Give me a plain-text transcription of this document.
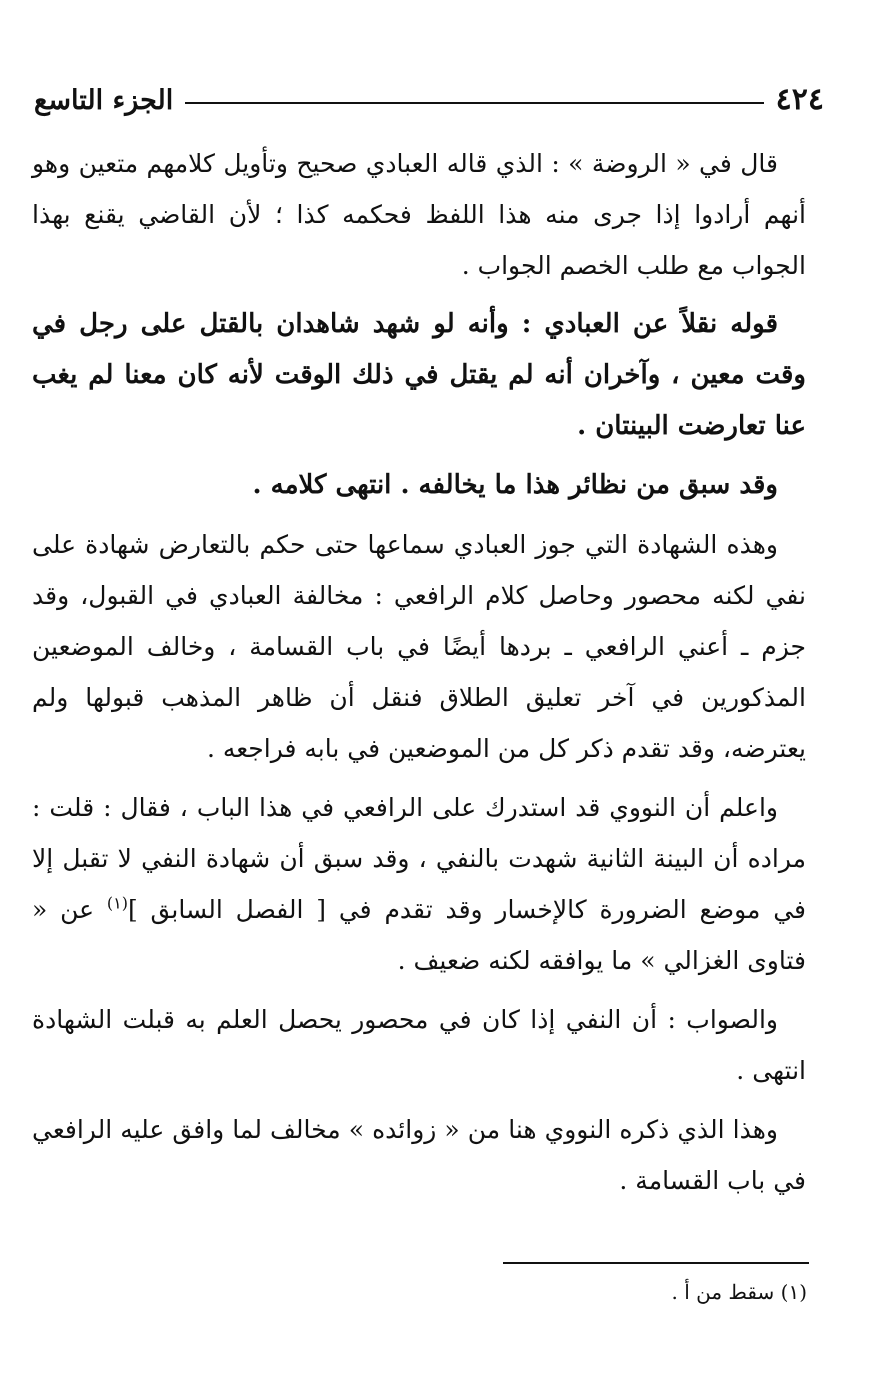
٤٢٤
الجزء التاسع

قال في « الروضة » : الذي قاله العبادي صحيح وتأويل كلامهم متعين وهو أنهم أرادوا إذا جرى منه هذا اللفظ فحكمه كذا ؛ لأن القاضي يقنع بهذا الجواب مع طلب الخصم الجواب .

قوله نقلاً عن العبادي : وأنه لو شهد شاهدان بالقتل على رجل في وقت معين ، وآخران أنه لم يقتل في ذلك الوقت لأنه كان معنا لم يغب عنا تعارضت البينتان .

وقد سبق من نظائر هذا ما يخالفه . انتهى كلامه .

وهذه الشهادة التي جوز العبادي سماعها حتى حكم بالتعارض شهادة على نفي لكنه محصور وحاصل كلام الرافعي : مخالفة العبادي في القبول، وقد جزم ـ أعني الرافعي ـ بردها أيضًا في باب القسامة ، وخالف الموضعين المذكورين في آخر تعليق الطلاق فنقل أن ظاهر المذهب قبولها ولم يعترضه، وقد تقدم ذكر كل من الموضعين في بابه فراجعه .

واعلم أن النووي قد استدرك على الرافعي في هذا الباب ، فقال : قلت : مراده أن البينة الثانية شهدت بالنفي ، وقد سبق أن شهادة النفي لا تقبل إلا في موضع الضرورة كالإخسار وقد تقدم في [ الفصل السابق ]$^{(١)}$ عن « فتاوى الغزالي » ما يوافقه لكنه ضعيف .

والصواب : أن النفي إذا كان في محصور يحصل العلم به قبلت الشهادة انتهى .

وهذا الذي ذكره النووي هنا من « زوائده » مخالف لما وافق عليه الرافعي في باب القسامة .

(١) سقط من أ .
